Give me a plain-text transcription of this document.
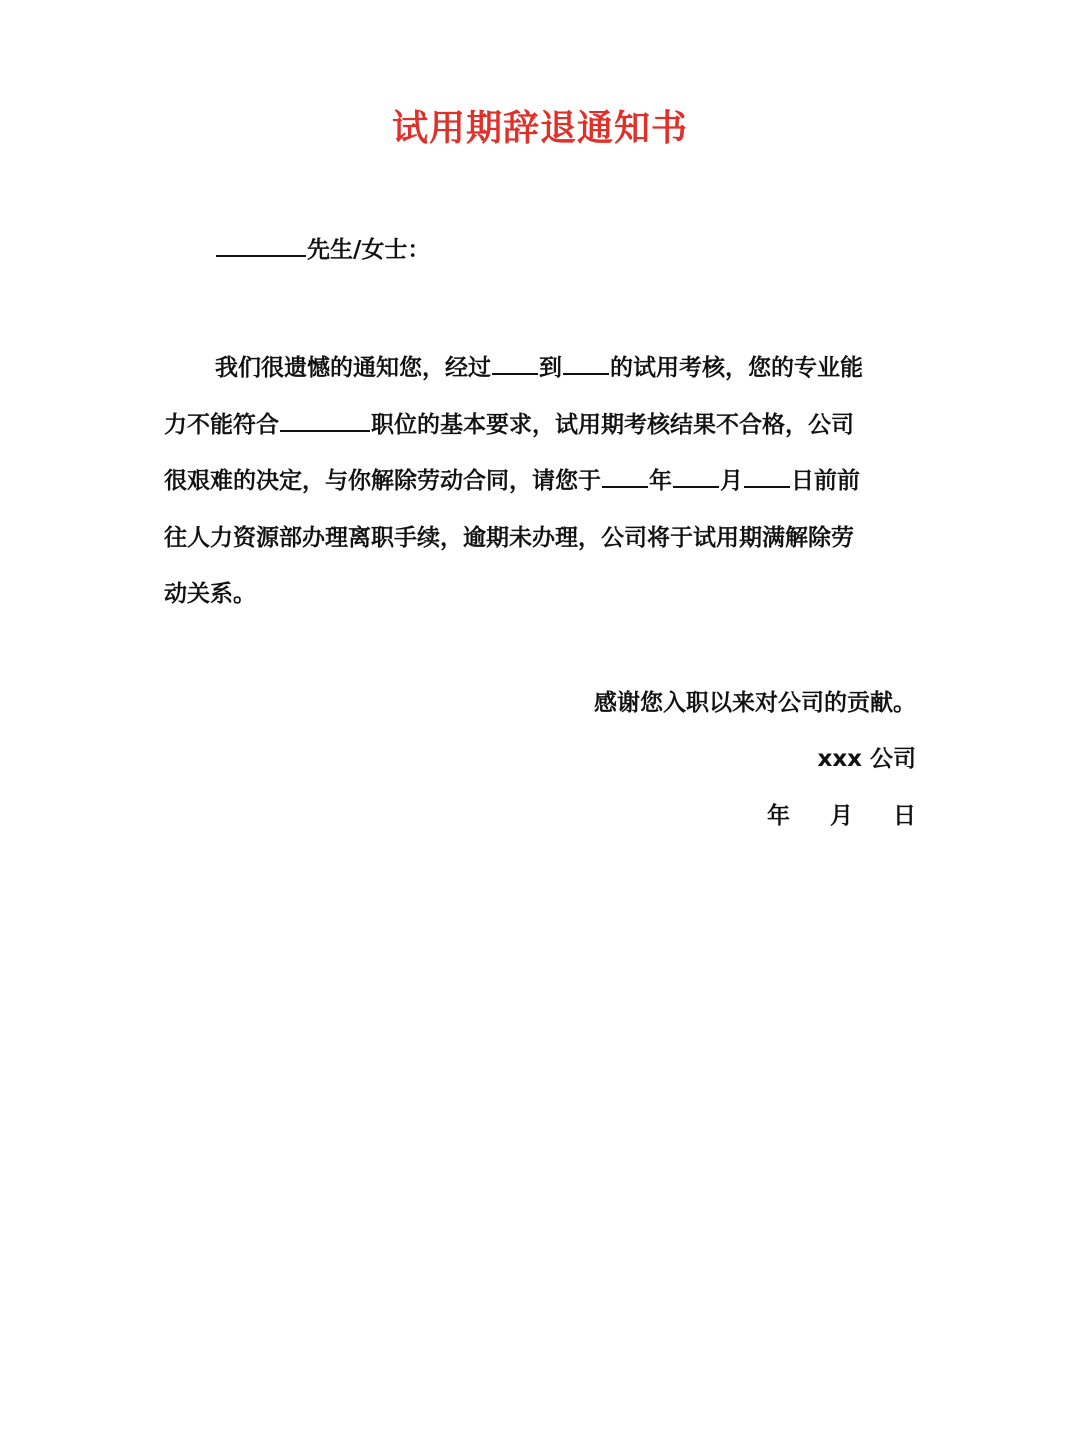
试用期辞退通知书
先生/女士：
我们很遗憾的通知您，经过 到 的试用考核，您的专业能
力不能符合	职位的基本要求，试用期考核结果不合格，公司
很艰难的决定，与你解除劳动合同，请您于 年 月 日前前
往人力资源部办理离职手续，逾期未办理，公司将于试用期满解除劳
动关系。
感谢您入职以来对公司的贡献。
xxx 公司
年 月 日
